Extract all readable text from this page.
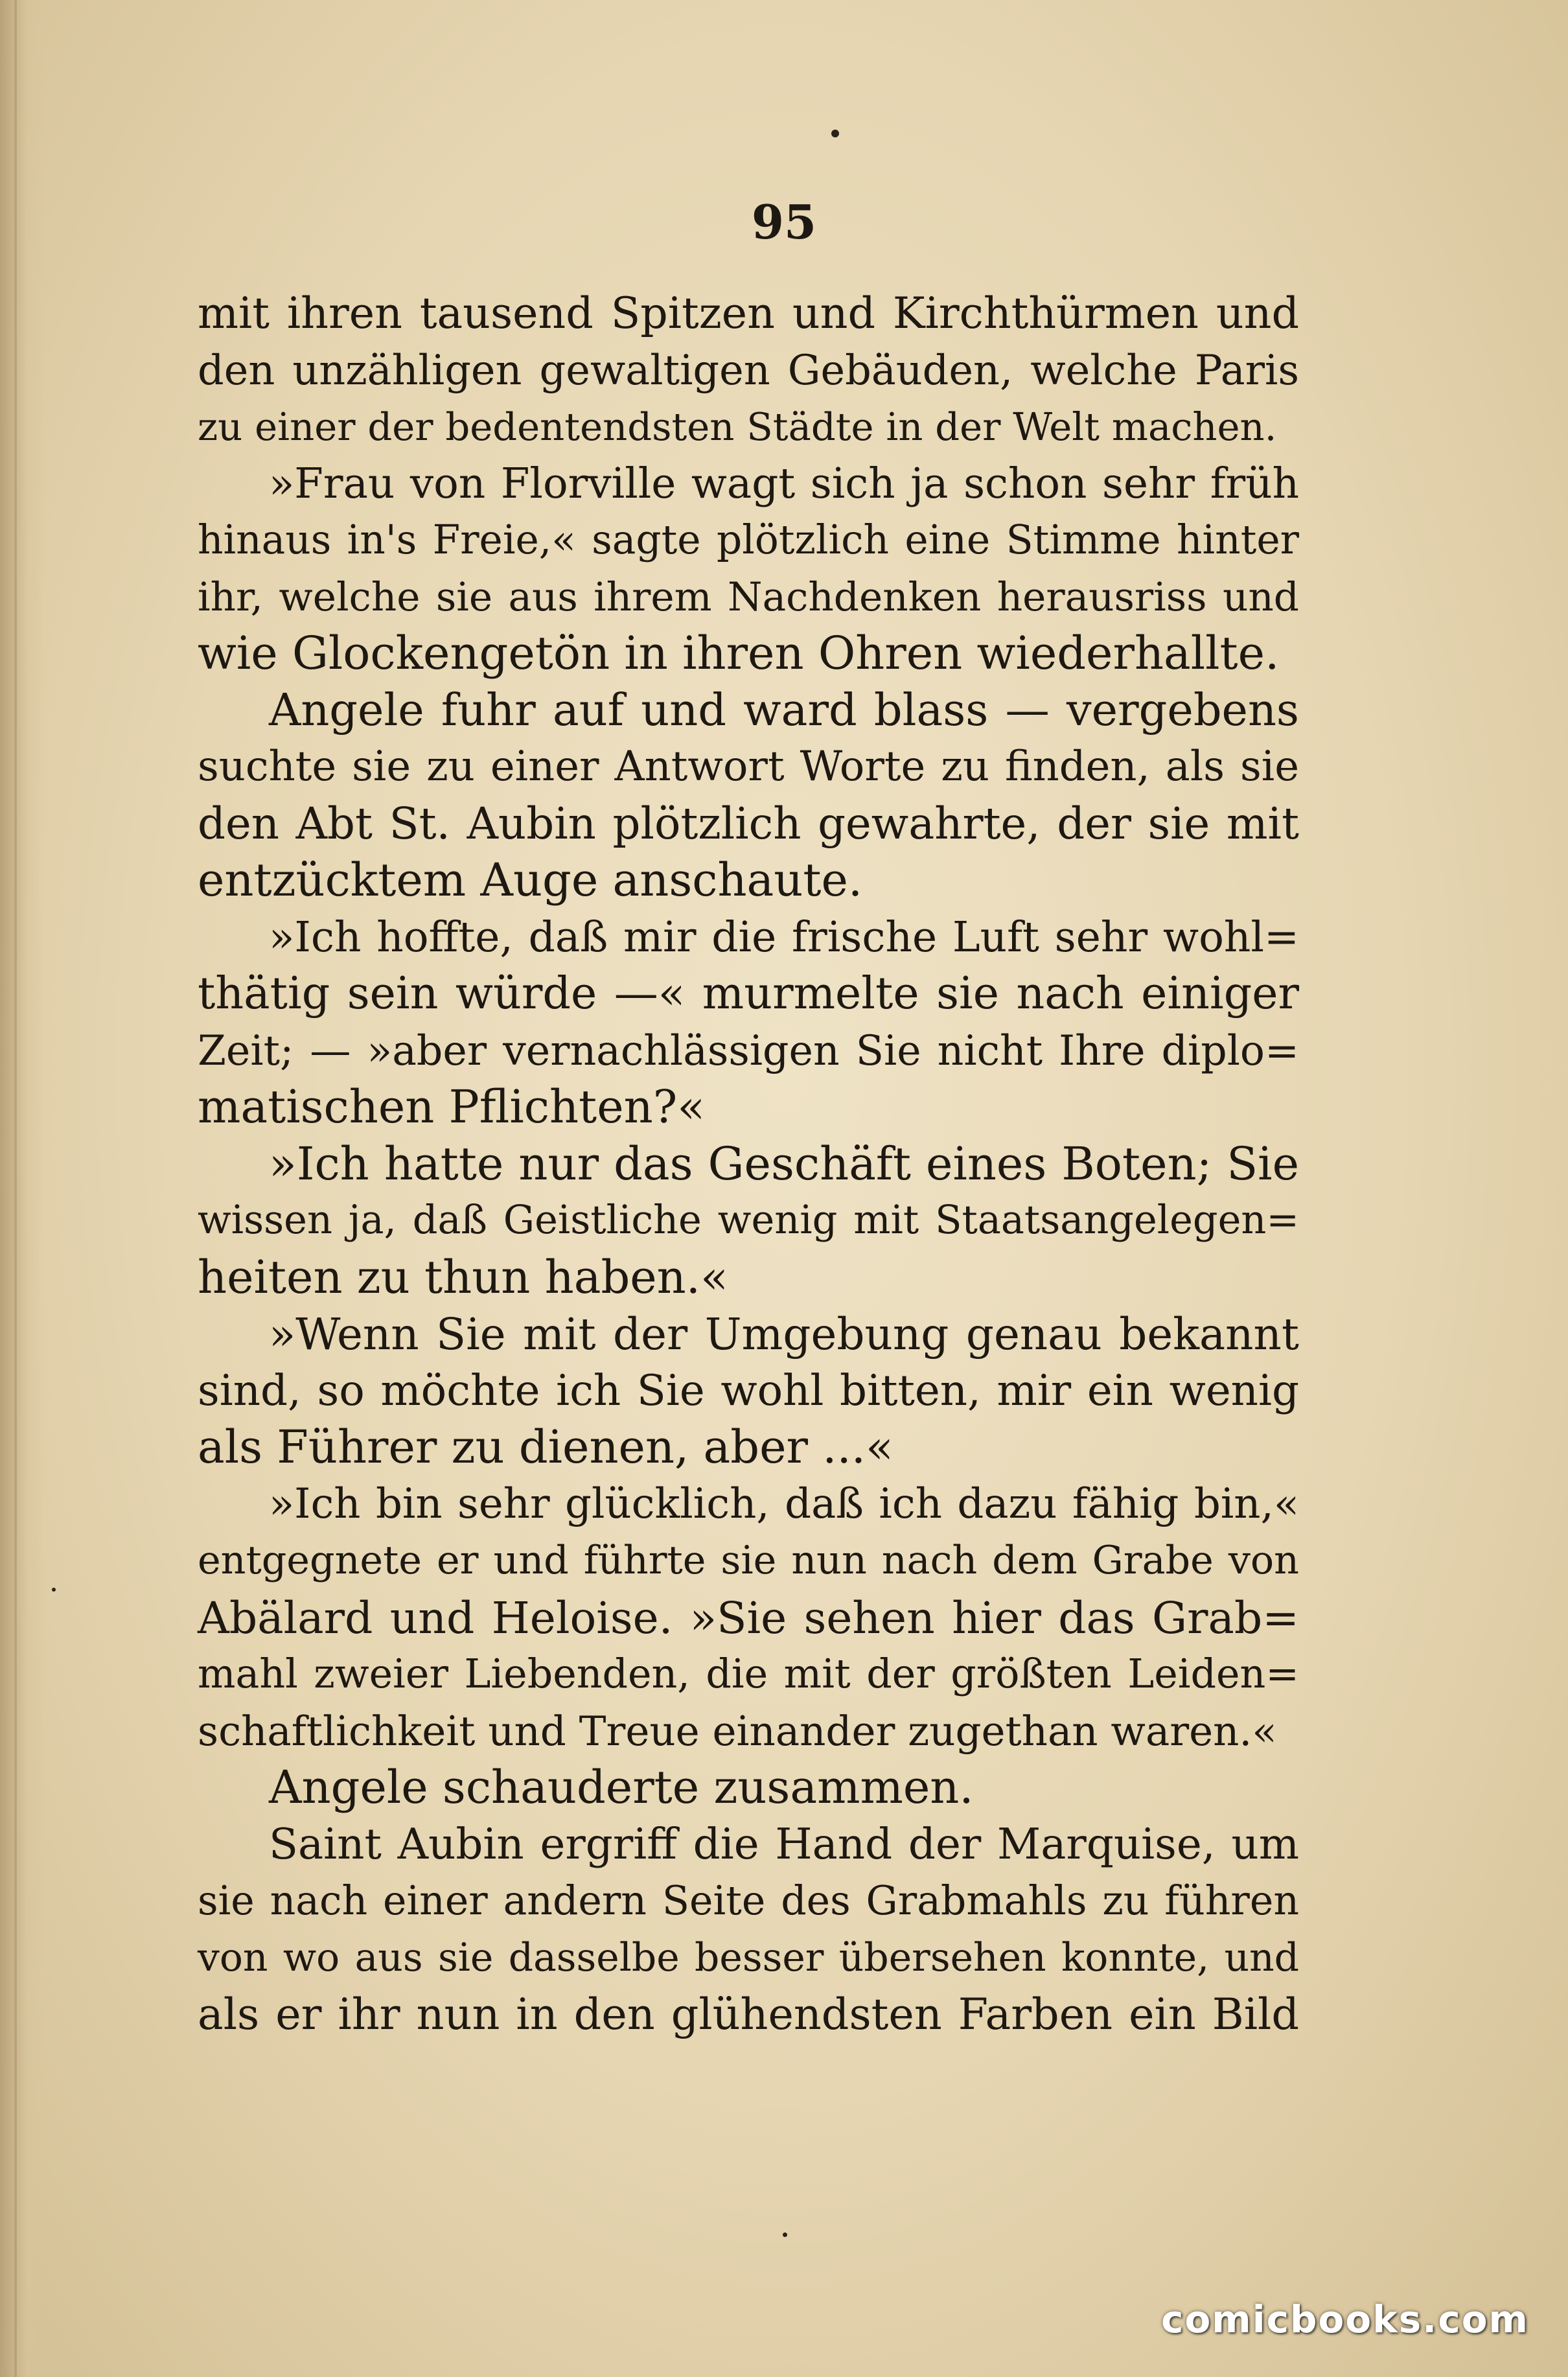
95
mit ihren tausend Spitzen und Kirchthürmen und
den unzähligen gewaltigen Gebäuden, welche Paris
zu einer der bedentendsten Städte in der Welt machen.
»Frau von Florville wagt sich ja schon sehr früh
hinaus in's Freie,« sagte plötzlich eine Stimme hinter
ihr, welche sie aus ihrem Nachdenken herausriss und
wie Glockengetön in ihren Ohren wiederhallte.
Angele fuhr auf und ward blass — vergebens
suchte sie zu einer Antwort Worte zu finden, als sie
den Abt St. Aubin plötzlich gewahrte, der sie mit
entzücktem Auge anschaute.
»Ich hoffte, daß mir die frische Luft sehr wohl=
thätig sein würde —« murmelte sie nach einiger
Zeit; — »aber vernachlässigen Sie nicht Ihre diplo=
matischen Pflichten?«
»Ich hatte nur das Geschäft eines Boten; Sie
wissen ja, daß Geistliche wenig mit Staatsangelegen=
heiten zu thun haben.«
»Wenn Sie mit der Umgebung genau bekannt
sind, so möchte ich Sie wohl bitten, mir ein wenig
als Führer zu dienen, aber ...«
»Ich bin sehr glücklich, daß ich dazu fähig bin,«
entgegnete er und führte sie nun nach dem Grabe von
Abälard und Heloise. »Sie sehen hier das Grab=
mahl zweier Liebenden, die mit der größten Leiden=
schaftlichkeit und Treue einander zugethan waren.«
Angele schauderte zusammen.
Saint Aubin ergriff die Hand der Marquise, um
sie nach einer andern Seite des Grabmahls zu führen
von wo aus sie dasselbe besser übersehen konnte, und
als er ihr nun in den glühendsten Farben ein Bild
comicbooks.com
